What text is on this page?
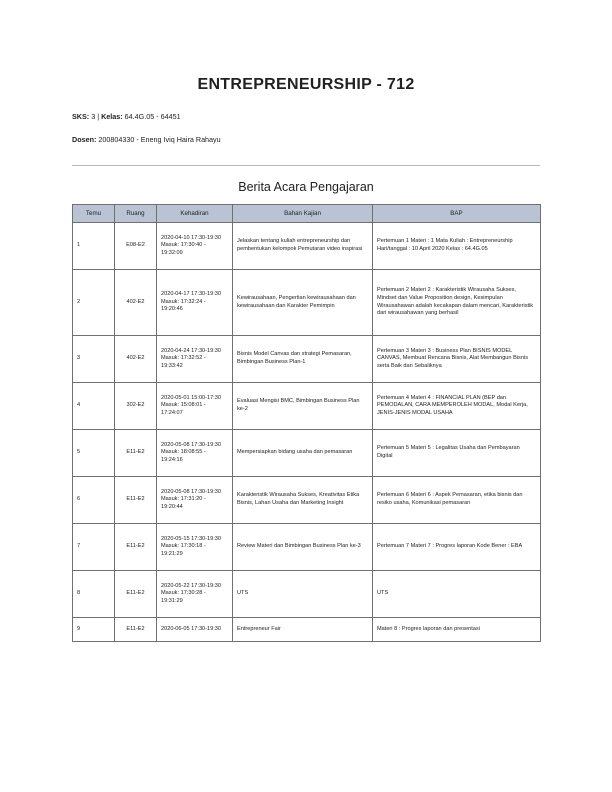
ENTREPRENEURSHIP - 712
SKS: 3 | Kelas: 64.4G.05 - 64451
Dosen: 200804330 - Eneng Iviq Haira Rahayu
Berita Acara Pengajaran
Temu	Ruang	Kehadiran	Bahan Kajian	BAP
1	E08-E2	2020-04-10 17:30-19:30 Masuk: 17:30:40 - 19:32:09	Jelaskan tentang kuliah entrepreneurship dan pembentukan kelompok Pemutaran video inspirasi	Pertemuan 1 Materi : 1 Mata Kuliah : Entrepreneurship Hari/tanggal : 10 April 2020 Kelas : 64.4G.05
2	402-E2	2020-04-17 17:30-19:30 Masuk: 17:32:24 - 19:20:46	Kewirausahaan, Pengertian kewirausahaan dan kewirausahaan dan Karakter Pemimpin	Pertemuan 2 Materi 2 : Karakteristik Wirausaha Sukses, Mindset dan Value Proposition design, Kesimpulan Wirausahawan adalah kecakapan dalam mencari, Karakteristik dari wirausahawan yang berhasil
3	402-E2	2020-04-24 17:30-19:30 Masuk: 17:32:52 - 19:33:42	Bisnis Model Canvas dan strategi Pemasaran, Bimbingan Business Plan-1	Pertemuan 3 Materi 3 : Business Plan BISNIS MODEL CANVAS, Membuat Rencana Bisnis, Alat Membangun Bisnis serta Baik dan Sebaliknya
4	302-E2	2020-05-01 15:00-17:30 Masuk: 15:08:01 - 17:24:07	Evaluasi Mengisi BMC, Bimbingan Business Plan ke-2	Pertemuan 4 Materi 4 : FINANCIAL PLAN (BEP dan PEMODALAN, CARA MEMPEROLEH MODAL, Modal Kerja, JENIS-JENIS MODAL USAHA
5	E11-E2	2020-05-08 17:30-19:30 Masuk: 18:08:55 - 19:24:16	Mempersiapkan bidang usaha dan pemasaran	Pertemuan 5 Materi 5 : Legalitas Usaha dan Pembayaran Digital
6	E11-E2	2020-05-08 17:30-19:30 Masuk: 17:31:20 - 19:20:44	Karakteristik Wirausaha Sukses, Kreativitas Etika Bisnis, Lahan Usaha dan Marketing Insight	Pertemuan 6 Materi 6 : Aspek Pemasaran, etika bisnis dan resiko usaha, Komunikasi pemasaran
7	E11-E2	2020-05-15 17:30-19:30 Masuk: 17:30:18 - 19:21:29	Review Materi dan Bimbingan Business Plan ke-3	Pertemuan 7 Materi 7 : Progres laporan Kode Bener : EBA
8	E11-E2	2020-05-22 17:30-19:30 Masuk: 17:30:28 - 19:31:29	UTS	UTS
9	E11-E2	2020-06-05 17:30-19:30	Entrepreneur Fair	Materi 8 : Progres laporan dan presentasi
